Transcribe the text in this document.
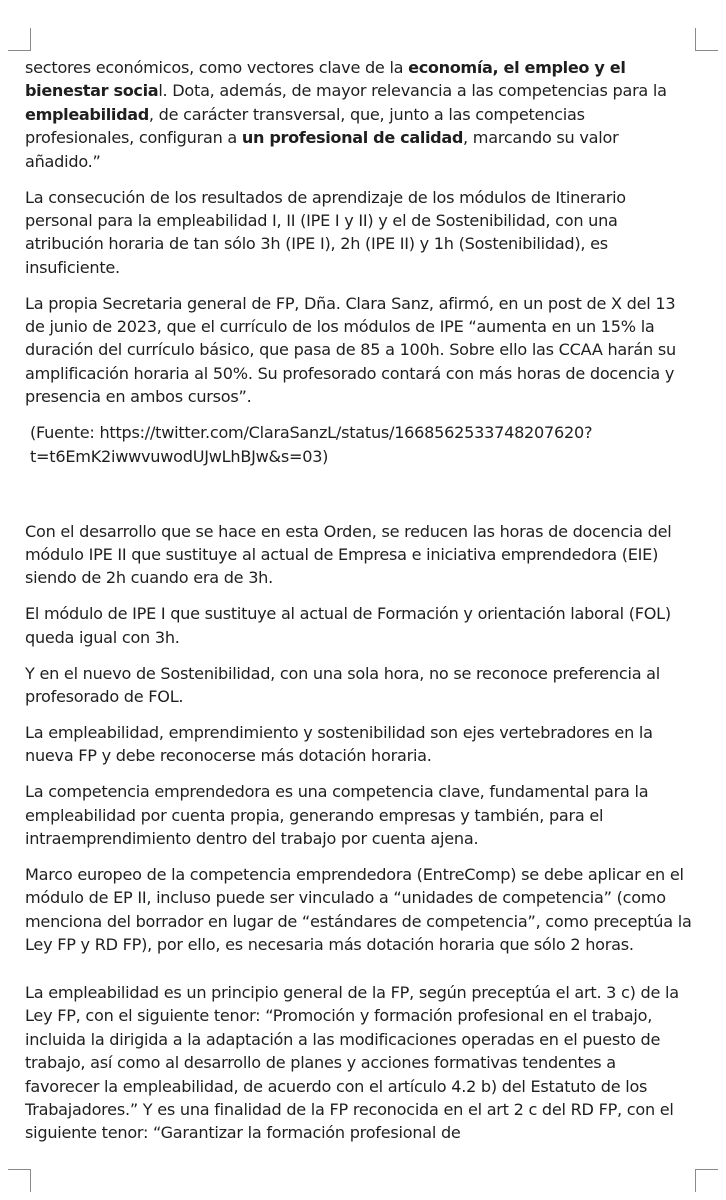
sectores económicos, como vectores clave de la economía, el empleo y el bienestar social. Dota, además, de mayor relevancia a las competencias para la empleabilidad, de carácter transversal, que, junto a las competencias profesionales, configuran a un profesional de calidad, marcando su valor añadido.”

La consecución de los resultados de aprendizaje de los módulos de Itinerario personal para la empleabilidad I, II (IPE I y II) y el de Sostenibilidad, con una atribución horaria de tan sólo 3h (IPE I), 2h (IPE II) y 1h (Sostenibilidad), es insuficiente.

La propia Secretaria general de FP, Dña. Clara Sanz, afirmó, en un post de X del 13 de junio de 2023, que el currículo de los módulos de IPE “aumenta en un 15% la duración del currículo básico, que pasa de 85 a 100h. Sobre ello las CCAA harán su amplificación horaria al 50%. Su profesorado contará con más horas de docencia y presencia en ambos cursos”.

(Fuente: https://twitter.com/ClaraSanzL/status/1668562533748207620?t=t6EmK2iwwvuwodUJwLhBJw&s=03)

Con el desarrollo que se hace en esta Orden, se reducen las horas de docencia del módulo IPE II que sustituye al actual de Empresa e iniciativa emprendedora (EIE) siendo de 2h cuando era de 3h.

El módulo de IPE I que sustituye al actual de Formación y orientación laboral (FOL) queda igual con 3h.

Y en el nuevo de Sostenibilidad, con una sola hora, no se reconoce preferencia al profesorado de FOL.

La empleabilidad, emprendimiento y sostenibilidad son ejes vertebradores en la nueva FP y debe reconocerse más dotación horaria.

La competencia emprendedora es una competencia clave, fundamental para la empleabilidad por cuenta propia, generando empresas y también, para el intraemprendimiento dentro del trabajo por cuenta ajena.

Marco europeo de la competencia emprendedora (EntreComp) se debe aplicar en el módulo de EP II, incluso puede ser vinculado a “unidades de competencia” (como menciona del borrador en lugar de “estándares de competencia”, como preceptúa la Ley FP y RD FP), por ello, es necesaria más dotación horaria que sólo 2 horas.

La empleabilidad es un principio general de la FP, según preceptúa el art. 3 c) de la Ley FP, con el siguiente tenor: “Promoción y formación profesional en el trabajo, incluida la dirigida a la adaptación a las modificaciones operadas en el puesto de trabajo, así como al desarrollo de planes y acciones formativas tendentes a favorecer la empleabilidad, de acuerdo con el artículo 4.2 b) del Estatuto de los Trabajadores.” Y es una finalidad de la FP reconocida en el art 2 c del RD FP, con el siguiente tenor: “Garantizar la formación profesional de
